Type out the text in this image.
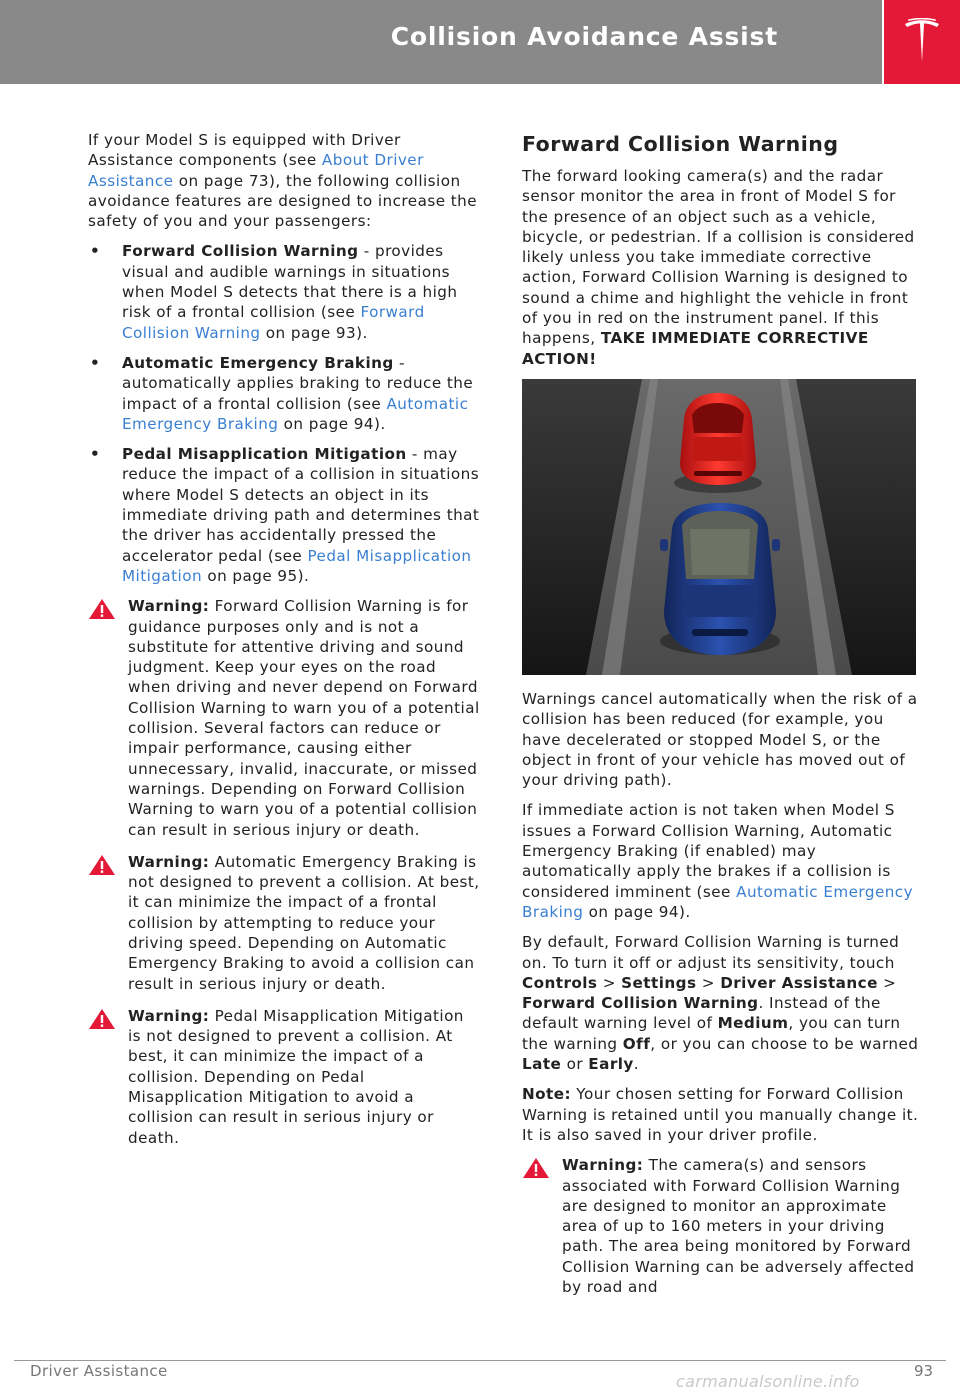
Collision Avoidance Assist

If your Model S is equipped with Driver Assistance components (see About Driver Assistance on page 73), the following collision avoidance features are designed to increase the safety of you and your passengers:

• Forward Collision Warning - provides visual and audible warnings in situations when Model S detects that there is a high risk of a frontal collision (see Forward Collision Warning on page 93).
• Automatic Emergency Braking - automatically applies braking to reduce the impact of a frontal collision (see Automatic Emergency Braking on page 94).
• Pedal Misapplication Mitigation - may reduce the impact of a collision in situations where Model S detects an object in its immediate driving path and determines that the driver has accidentally pressed the accelerator pedal (see Pedal Misapplication Mitigation on page 95).
Warning: Forward Collision Warning is for guidance purposes only and is not a substitute for attentive driving and sound judgment. Keep your eyes on the road when driving and never depend on Forward Collision Warning to warn you of a potential collision. Several factors can reduce or impair performance, causing either unnecessary, invalid, inaccurate, or missed warnings. Depending on Forward Collision Warning to warn you of a potential collision can result in serious injury or death.
Warning: Automatic Emergency Braking is not designed to prevent a collision. At best, it can minimize the impact of a frontal collision by attempting to reduce your driving speed. Depending on Automatic Emergency Braking to avoid a collision can result in serious injury or death.
Warning: Pedal Misapplication Mitigation is not designed to prevent a collision. At best, it can minimize the impact of a collision. Depending on Pedal Misapplication Mitigation to avoid a collision can result in serious injury or death.
Forward Collision Warning

The forward looking camera(s) and the radar sensor monitor the area in front of Model S for the presence of an object such as a vehicle, bicycle, or pedestrian. If a collision is considered likely unless you take immediate corrective action, Forward Collision Warning is designed to sound a chime and highlight the vehicle in front of you in red on the instrument panel. If this happens, TAKE IMMEDIATE CORRECTIVE ACTION!

Warnings cancel automatically when the risk of a collision has been reduced (for example, you have decelerated or stopped Model S, or the object in front of your vehicle has moved out of your driving path).

If immediate action is not taken when Model S issues a Forward Collision Warning, Automatic Emergency Braking (if enabled) may automatically apply the brakes if a collision is considered imminent (see Automatic Emergency Braking on page 94).

By default, Forward Collision Warning is turned on. To turn it off or adjust its sensitivity, touch Controls > Settings > Driver Assistance > Forward Collision Warning. Instead of the default warning level of Medium, you can turn the warning Off, or you can choose to be warned Late or Early.

Note: Your chosen setting for Forward Collision Warning is retained until you manually change it. It is also saved in your driver profile.

Warning: The camera(s) and sensors associated with Forward Collision Warning are designed to monitor an approximate area of up to 160 meters in your driving path. The area being monitored by Forward Collision Warning can be adversely affected by road and
Driver Assistance	93
carmanualsonline.info
